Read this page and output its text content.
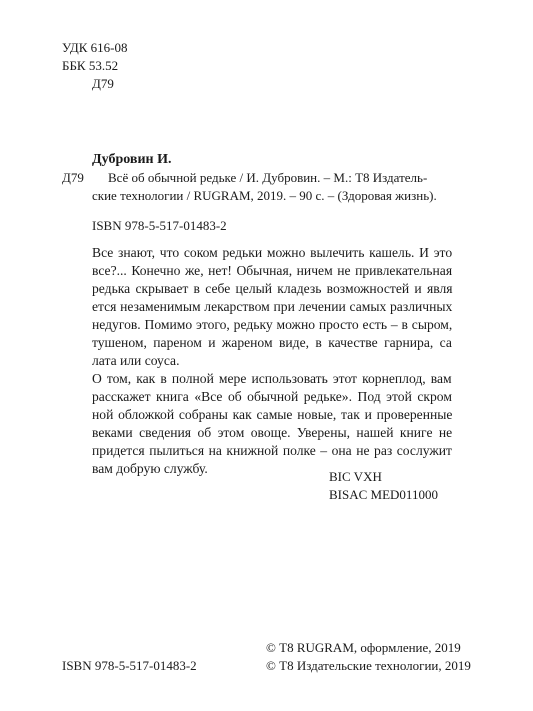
УДК 616-08
ББК 53.52
Д79
Дубровин И.
Д79 Всё об обычной редьке / И. Дубровин. – М.: Т8 Издатель-
ские технологии / RUGRAM, 2019. – 90 с. – (Здоровая жизнь).
ISBN 978-5-517-01483-2
Все знают, что соком редьки можно вылечить кашель. И это
все?... Конечно же, нет! Обычная, ничем не привлекательная
редька скрывает в себе целый кладезь возможностей и явля
ется незаменимым лекарством при лечении самых различных
недугов. Помимо этого, редьку можно просто есть – в сыром,
тушеном, пареном и жареном виде, в качестве гарнира, са
лата или соуса.
О том, как в полной мере использовать этот корнеплод, вам
расскажет книга «Все об обычной редьке». Под этой скром
ной обложкой собраны как самые новые, так и проверенные
веками сведения об этом овоще. Уверены, нашей книге не
придется пылиться на книжной полке – она не раз сослужит
вам добрую службу.
BIC VXH
BISAC MED011000
ISBN 978-5-517-01483-2
© Т8 RUGRAM, оформление, 2019
© Т8 Издательские технологии, 2019
